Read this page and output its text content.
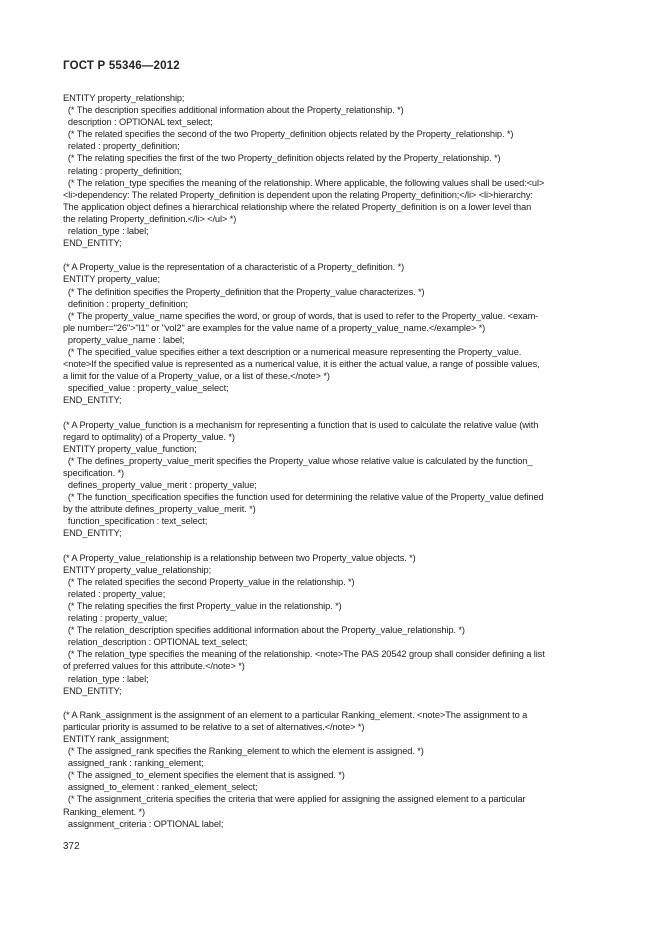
ГОСТ Р 55346—2012
ENTITY property_relationship;
(* The description specifies additional information about the Property_relationship. *)
description : OPTIONAL text_select;
(* The related specifies the second of the two Property_definition objects related by the Property_relationship. *)
related : property_definition;
(* The relating specifies the first of the two Property_definition objects related by the Property_relationship. *)
relating : property_definition;
(* The relation_type specifies the meaning of the relationship. Where applicable, the following values shall be used:<ul>
<li>dependency: The related Property_definition is dependent upon the relating Property_definition;</li> <li>hierarchy:
The application object defines a hierarchical relationship where the related Property_definition is on a lower level than
the relating Property_definition.</li> </ul> *)
relation_type : label;
END_ENTITY;

(* A Property_value is the representation of a characteristic of a Property_definition. *)
ENTITY property_value;
(* The definition specifies the Property_definition that the Property_value characterizes. *)
definition : property_definition;
(* The property_value_name specifies the word, or group of words, that is used to refer to the Property_value. <exam-
ple number="26">"l1" or "vol2" are examples for the value name of a property_value_name.</example> *)
property_value_name : label;
(* The specified_value specifies either a text description or a numerical measure representing the Property_value.
<note>If the specified value is represented as a numerical value, it is either the actual value, a range of possible values,
a limit for the value of a Property_value, or a list of these.</note> *)
specified_value : property_value_select;
END_ENTITY;

(* A Property_value_function is a mechanism for representing a function that is used to calculate the relative value (with
regard to optimality) of a Property_value. *)
ENTITY property_value_function;
(* The defines_property_value_merit specifies the Property_value whose relative value is calculated by the function_
specification. *)
defines_property_value_merit : property_value;
(* The function_specification specifies the function used for determining the relative value of the Property_value defined
by the attribute defines_property_value_merit. *)
function_specification : text_select;
END_ENTITY;

(* A Property_value_relationship is a relationship between two Property_value objects. *)
ENTITY property_value_relationship;
(* The related specifies the second Property_value in the relationship. *)
related : property_value;
(* The relating specifies the first Property_value in the relationship. *)
relating : property_value;
(* The relation_description specifies additional information about the Property_value_relationship. *)
relation_description : OPTIONAL text_select;
(* The relation_type specifies the meaning of the relationship. <note>The PAS 20542 group shall consider defining a list
of preferred values for this attribute.</note> *)
relation_type : label;
END_ENTITY;

(* A Rank_assignment is the assignment of an element to a particular Ranking_element. <note>The assignment to a
particular priority is assumed to be relative to a set of alternatives.</note> *)
ENTITY rank_assignment;
(* The assigned_rank specifies the Ranking_element to which the element is assigned. *)
assigned_rank : ranking_element;
(* The assigned_to_element specifies the element that is assigned. *)
assigned_to_element : ranked_element_select;
(* The assignment_criteria specifies the criteria that were applied for assigning the assigned element to a particular
Ranking_element. *)
assignment_criteria : OPTIONAL label;
372
